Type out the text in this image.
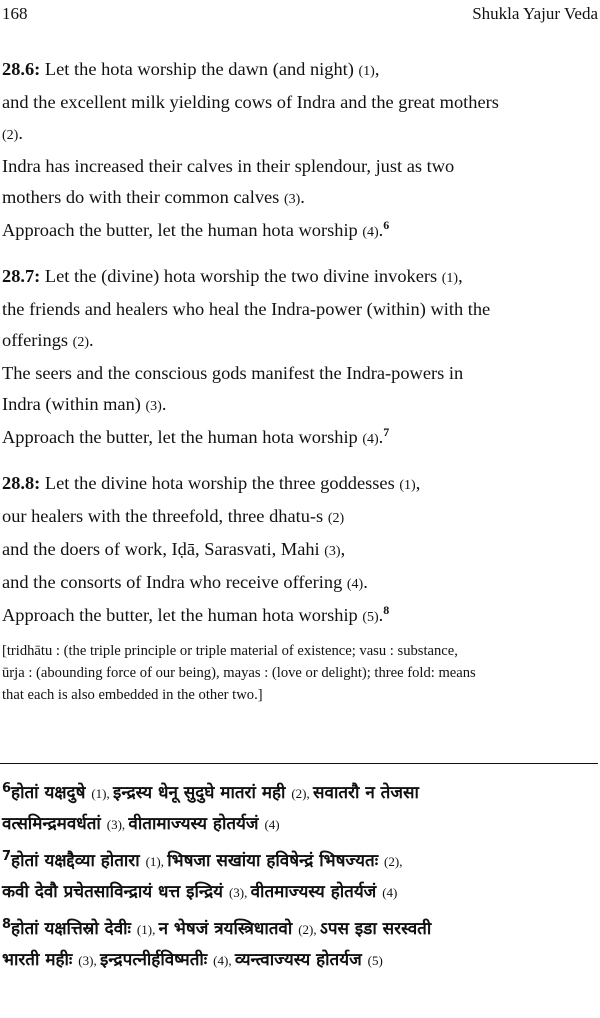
168	Shukla Yajur Veda
28.6: Let the hota worship the dawn (and night) (1),
and the excellent milk yielding cows of Indra and the great mothers
(2).
Indra has increased their calves in their splendour, just as two
mothers do with their common calves (3).
Approach the butter, let the human hota worship (4).$^6$
28.7: Let the (divine) hota worship the two divine invokers (1),
the friends and healers who heal the Indra-power (within) with the
offerings (2).
The seers and the conscious gods manifest the Indra-powers in
Indra (within man) (3).
Approach the butter, let the human hota worship (4).$^7$
28.8: Let the divine hota worship the three goddesses (1),
our healers with the threefold, three dhatu-s (2)
and the doers of work, Iḍā, Sarasvati, Mahi (3),
and the consorts of Indra who receive offering (4).
Approach the butter, let the human hota worship (5).$^8$
[tridhātu : (the triple principle or triple material of existence; vasu : substance,
ūrja : (abounding force of our being), mayas : (love or delight); three fold: means
that each is also embedded in the other two.]
$^6$होतां यक्षदुषे (1), इन्द्रस्य धेनू सुदुघे मातरां मही (2), सवातरौ न तेजसा
वत्समिन्द्रमवर्धतां (3), वीतामाज्यस्य होतर्यजं (4)
$^7$होतां यक्षद्दैव्या होतारा (1), भिषजा सखांया हविषेन्द्रं भिषज्यतः (2),
कवी देवौ प्रचेतसाविन्द्रायं धत्त इन्द्रियं (3), वीतमाज्यस्य होतर्यजं (4)
$^8$होतां यक्षत्तिस्रो देवीः (1), न भेषजं त्रयस्त्रिधातवो (2), ऽपस इडा सरस्वती
भारती महीः (3), इन्द्रपत्नीर्हविष्मतीः (4), व्यन्त्वाज्यस्य होतर्यज (5)
